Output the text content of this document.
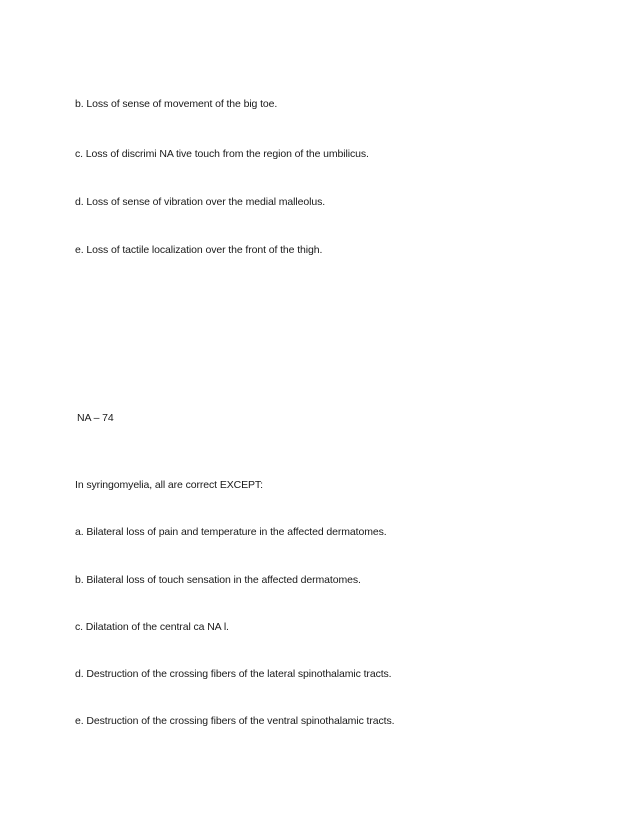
b. Loss of sense of movement of the big toe.
c. Loss of discrimi NA tive touch from the region of the umbilicus.
d. Loss of sense of vibration over the medial malleolus.
e. Loss of tactile localization over the front of the thigh.
NA – 74
In syringomyelia, all are correct EXCEPT:
a. Bilateral loss of pain and temperature in the affected dermatomes.
b. Bilateral loss of touch sensation in the affected dermatomes.
c. Dilatation of the central ca NA l.
d. Destruction of the crossing fibers of the lateral spinothalamic tracts.
e. Destruction of the crossing fibers of the ventral spinothalamic tracts.
